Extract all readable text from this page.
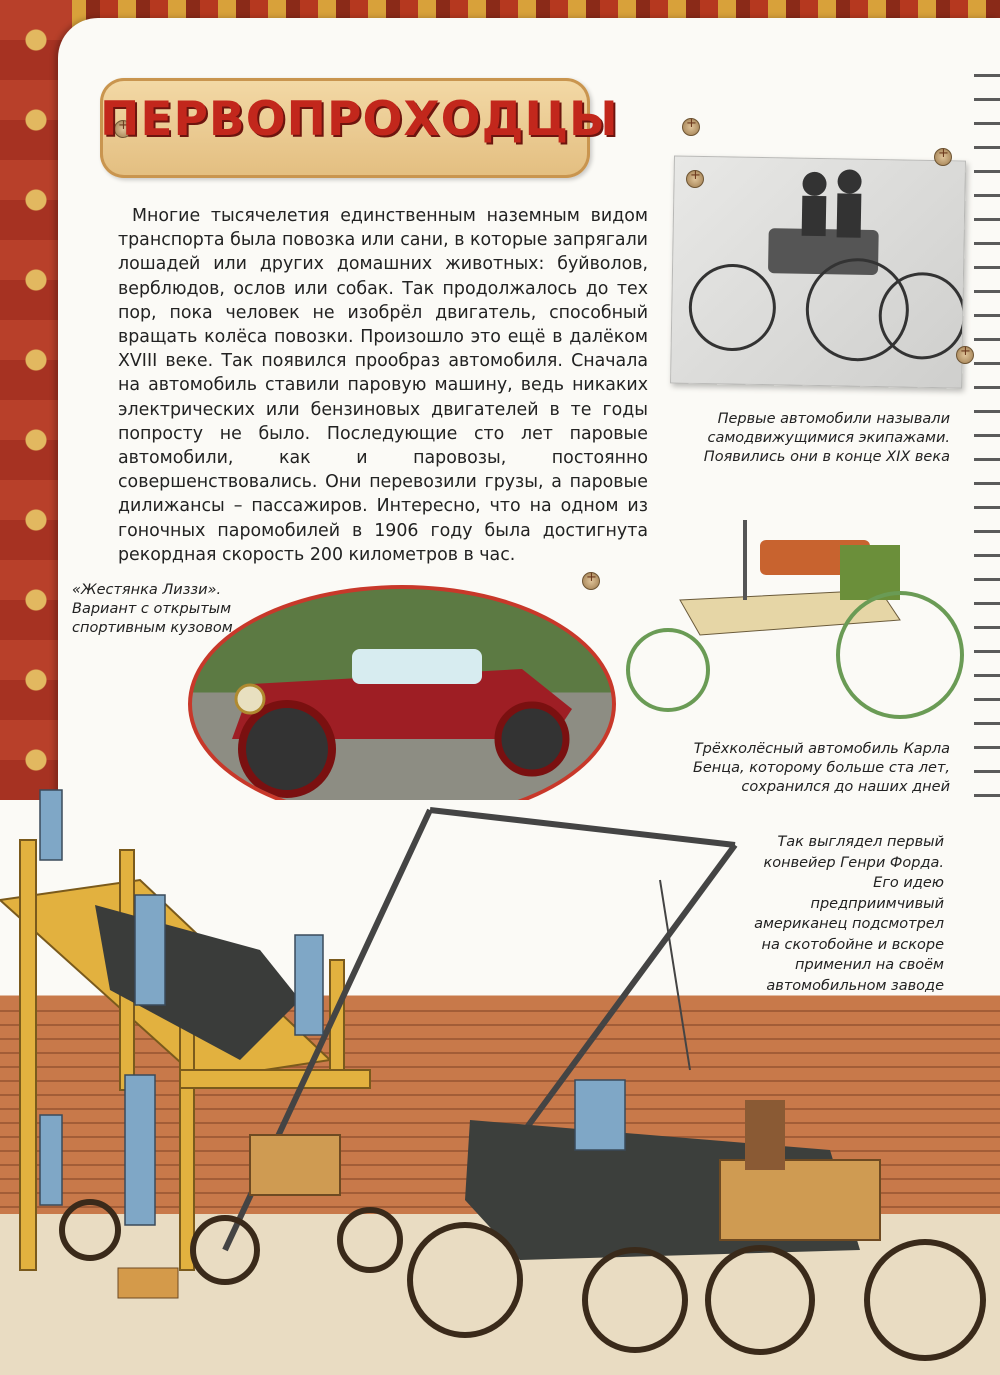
+
+
ПЕРВОПРОХОДЦЫ

Многие тысячелетия единственным наземным видом транспорта была повозка или сани, в которые запрягали лошадей или других домашних животных: буйволов, верблюдов, ослов или собак. Так продолжалось до тех пор, пока человек не изобрёл двигатель, способный вращать колёса повозки. Произошло это ещё в далёком XVIII веке. Так появился прообраз автомобиля. Сначала на автомобиль ставили паровую машину, ведь никаких электрических или бензиновых двигателей в те годы попросту не было. Последующие сто лет паровые автомобили, как и паровозы, постоянно совершенствовались. Они перевозили грузы, а паровые дилижансы – пассажиров. Интересно, что на одном из гоночных паромобилей в 1906 году была достигнута рекордная скорость 200 километров в час.

+
+
+
Первые автомобили называли самодвижущимися экипажами. Появились они в конце XIX века
Трёхколёсный автомобиль Карла Бенца, которому больше ста лет, сохранился до наших дней
«Жестянка Лиззи». Вариант с открытым спортивным кузовом
+
Так выглядел первый конвейер Генри Форда. Его идею предприимчивый американец подсмотрел на скотобойне и вскоре применил на своём автомобильном заводе
